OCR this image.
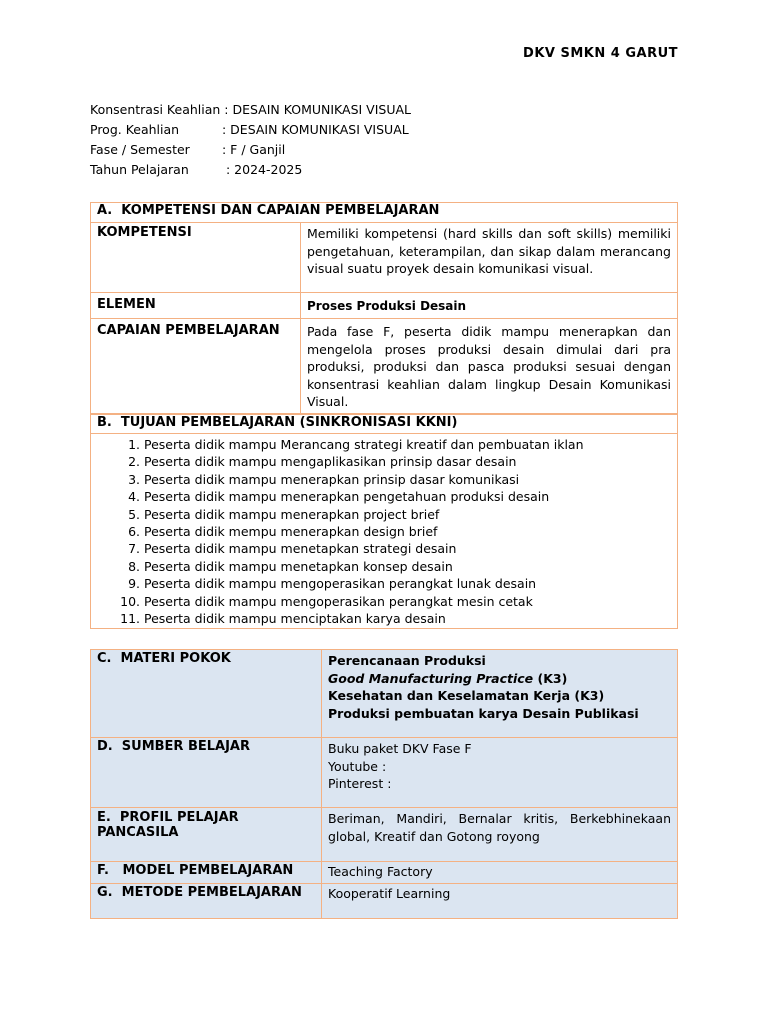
DKV SMKN 4 GARUT
Konsentrasi Keahlian
: DESAIN KOMUNIKASI VISUAL
Prog. Keahlian	: DESAIN KOMUNIKASI VISUAL
Fase / Semester	: F / Ganjil
Tahun Pelajaran	: 2024-2025
A.  KOMPETENSI DAN CAPAIAN PEMBELAJARAN	
KOMPETENSI	Memiliki kompetensi (hard skills dan soft skills) memiliki pengetahuan, keterampilan, dan sikap dalam merancang visual suatu proyek desain komunikasi visual.
ELEMEN	Proses Produksi Desain
CAPAIAN PEMBELAJARAN	Pada fase F, peserta didik mampu menerapkan dan mengelola proses produksi desain dimulai dari pra produksi, produksi dan pasca produksi sesuai dengan konsentrasi keahlian dalam lingkup Desain Komunikasi Visual.
B.  TUJUAN PEMBELAJARAN (SINKRONISASI KKNI)

1. Peserta didik mampu Merancang strategi kreatif dan pembuatan iklan
2. Peserta didik mampu mengaplikasikan prinsip dasar desain
3. Peserta didik mampu menerapkan prinsip dasar komunikasi
4. Peserta didik mampu menerapkan pengetahuan produksi desain
5. Peserta didik mampu menerapkan project brief
6. Peserta didik mempu menerapkan design brief
7. Peserta didik mampu menetapkan strategi desain
8. Peserta didik mampu menetapkan konsep desain
9. Peserta didik mampu mengoperasikan perangkat lunak desain
10. Peserta didik mampu mengoperasikan perangkat mesin cetak
11. Peserta didik mampu menciptakan karya desain
C.  MATERI POKOK	Perencanaan Produksi
Good Manufacturing Practice (K3)
Kesehatan dan Keselamatan Kerja (K3)
Produksi pembuatan karya Desain Publikasi

D.  SUMBER BELAJAR	Buku paket DKV Fase F
Youtube :
Pinterest :

E.  PROFIL PELAJAR PANCASILA	Beriman, Mandiri, Bernalar kritis, Berkebhinekaan global, Kreatif dan Gotong royong
F.   MODEL PEMBELAJARAN	Teaching Factory
G.  METODE PEMBELAJARAN	Kooperatif Learning
